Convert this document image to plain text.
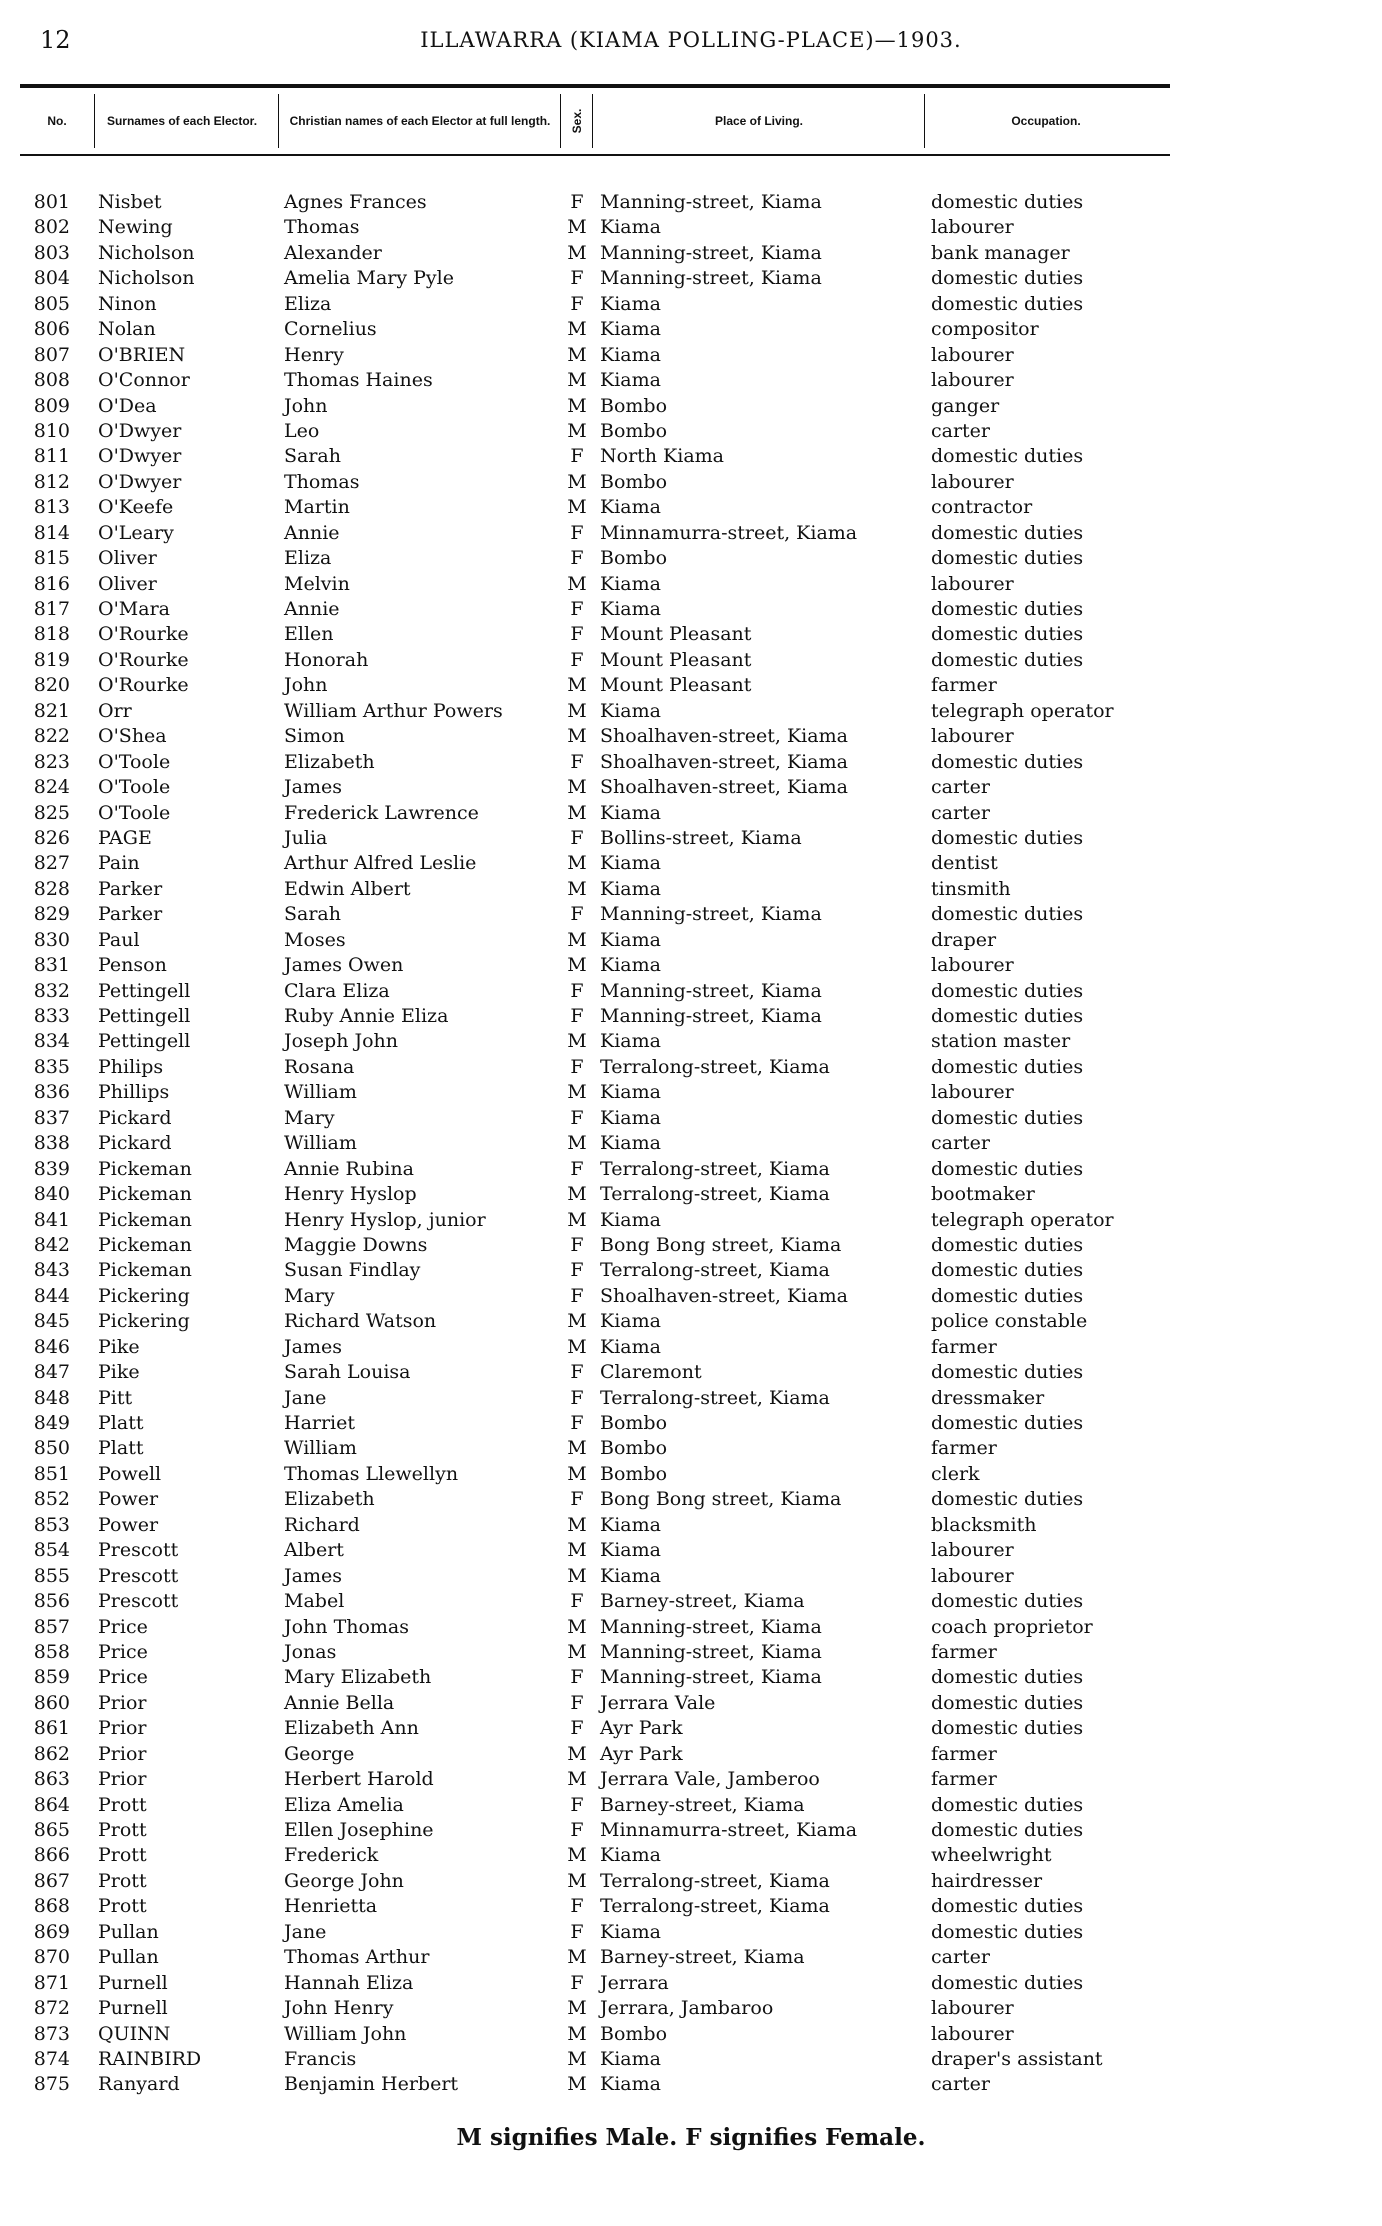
12	ILLAWARRA (KIAMA POLLING-PLACE)—1903.
No.	Surnames of each Elector.	Christian names of each Elector at full length.	Sex.	Place of Living.	Occupation.
801 Nisbet	Agnes Frances	F Manning-street, Kiama	domestic duties
802 Newing	Thomas	M Kiama	labourer
803 Nicholson	Alexander	M Manning-street, Kiama	bank manager
804 Nicholson	Amelia Mary Pyle	F Manning-street, Kiama	domestic duties
805 Ninon	Eliza	F Kiama	domestic duties
806 Nolan	Cornelius	M Kiama	compositor
807 O'BRIEN	Henry	M Kiama	labourer
808 O'Connor	Thomas Haines	M Kiama	labourer
809 O'Dea	John	M Bombo	ganger
810 O'Dwyer	Leo	M Bombo	carter
811 O'Dwyer	Sarah	F North Kiama	domestic duties
812 O'Dwyer	Thomas	M Bombo	labourer
813 O'Keefe	Martin	M Kiama	contractor
814 O'Leary	Annie	F Minnamurra-street, Kiama	domestic duties
815 Oliver	Eliza	F Bombo	domestic duties
816 Oliver	Melvin	M Kiama	labourer
817 O'Mara	Annie	F Kiama	domestic duties
818 O'Rourke	Ellen	F Mount Pleasant	domestic duties
819 O'Rourke	Honorah	F Mount Pleasant	domestic duties
820 O'Rourke	John	M Mount Pleasant	farmer
821 Orr	William Arthur Powers	M Kiama	telegraph operator
822 O'Shea	Simon	M Shoalhaven-street, Kiama	labourer
823 O'Toole	Elizabeth	F Shoalhaven-street, Kiama	domestic duties
824 O'Toole	James	M Shoalhaven-street, Kiama	carter
825 O'Toole	Frederick Lawrence	M Kiama	carter
826 PAGE	Julia	F Bollins-street, Kiama	domestic duties
827 Pain	Arthur Alfred Leslie	M Kiama	dentist
828 Parker	Edwin Albert	M Kiama	tinsmith
829 Parker	Sarah	F Manning-street, Kiama	domestic duties
830 Paul	Moses	M Kiama	draper
831 Penson	James Owen	M Kiama	labourer
832 Pettingell	Clara Eliza	F Manning-street, Kiama	domestic duties
833 Pettingell	Ruby Annie Eliza	F Manning-street, Kiama	domestic duties
834 Pettingell	Joseph John	M Kiama	station master
835 Philips	Rosana	F Terralong-street, Kiama	domestic duties
836 Phillips	William	M Kiama	labourer
837 Pickard	Mary	F Kiama	domestic duties
838 Pickard	William	M Kiama	carter
839 Pickeman	Annie Rubina	F Terralong-street, Kiama	domestic duties
840 Pickeman	Henry Hyslop	M Terralong-street, Kiama	bootmaker
841 Pickeman	Henry Hyslop, junior	M Kiama	telegraph operator
842 Pickeman	Maggie Downs	F Bong Bong street, Kiama	domestic duties
843 Pickeman	Susan Findlay	F Terralong-street, Kiama	domestic duties
844 Pickering	Mary	F Shoalhaven-street, Kiama	domestic duties
845 Pickering	Richard Watson	M Kiama	police constable
846 Pike	James	M Kiama	farmer
847 Pike	Sarah Louisa	F Claremont	domestic duties
848 Pitt	Jane	F Terralong-street, Kiama	dressmaker
849 Platt	Harriet	F Bombo	domestic duties
850 Platt	William	M Bombo	farmer
851 Powell	Thomas Llewellyn	M Bombo	clerk
852 Power	Elizabeth	F Bong Bong street, Kiama	domestic duties
853 Power	Richard	M Kiama	blacksmith
854 Prescott	Albert	M Kiama	labourer
855 Prescott	James	M Kiama	labourer
856 Prescott	Mabel	F Barney-street, Kiama	domestic duties
857 Price	John Thomas	M Manning-street, Kiama	coach proprietor
858 Price	Jonas	M Manning-street, Kiama	farmer
859 Price	Mary Elizabeth	F Manning-street, Kiama	domestic duties
860 Prior	Annie Bella	F Jerrara Vale	domestic duties
861 Prior	Elizabeth Ann	F Ayr Park	domestic duties
862 Prior	George	M Ayr Park	farmer
863 Prior	Herbert Harold	M Jerrara Vale, Jamberoo	farmer
864 Prott	Eliza Amelia	F Barney-street, Kiama	domestic duties
865 Prott	Ellen Josephine	F Minnamurra-street, Kiama	domestic duties
866 Prott	Frederick	M Kiama	wheelwright
867 Prott	George John	M Terralong-street, Kiama	hairdresser
868 Prott	Henrietta	F Terralong-street, Kiama	domestic duties
869 Pullan	Jane	F Kiama	domestic duties
870 Pullan	Thomas Arthur	M Barney-street, Kiama	carter
871 Purnell	Hannah Eliza	F Jerrara	domestic duties
872 Purnell	John Henry	M Jerrara, Jambaroo	labourer
873 QUINN	William John	M Bombo	labourer
874 RAINBIRD	Francis	M Kiama	draper's assistant
875 Ranyard	Benjamin Herbert	M Kiama	carter
M signifies Male. F signifies Female.
